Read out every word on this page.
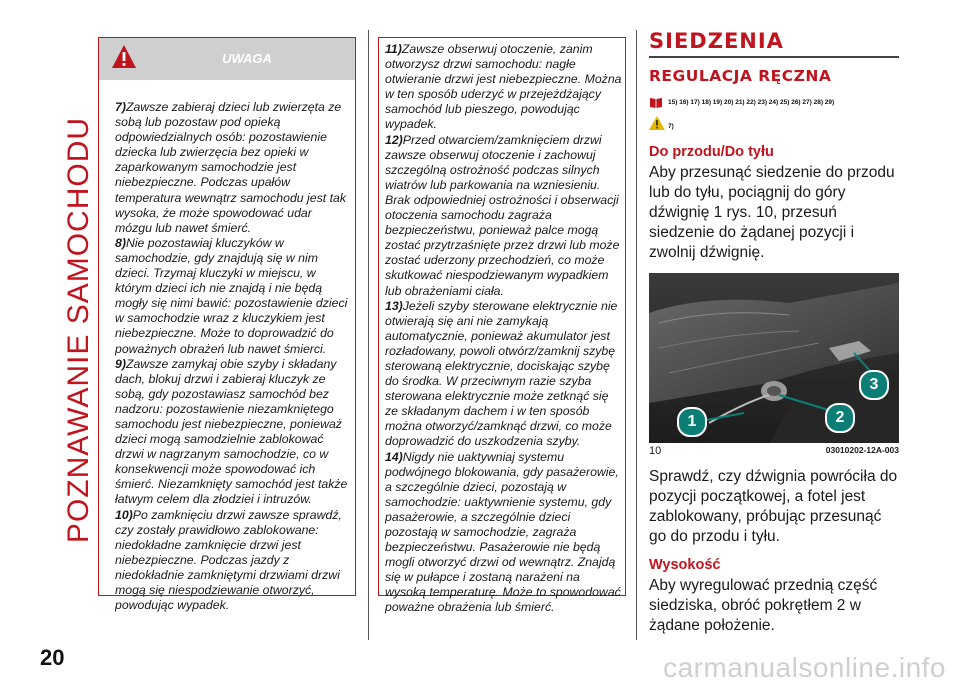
POZNAWANIE SAMOCHODU
UWAGA

7)Zawsze zabieraj dzieci lub zwierzęta ze sobą lub pozostaw pod opieką odpowiedzialnych osób: pozostawienie dziecka lub zwierzęcia bez opieki w zaparkowanym samochodzie jest niebezpieczne. Podczas upałów temperatura wewnątrz samochodu jest tak wysoka, że może spowodować udar mózgu lub nawet śmierć.

8)Nie pozostawiaj kluczyków w samochodzie, gdy znajdują się w nim dzieci. Trzymaj kluczyki w miejscu, w którym dzieci ich nie znajdą i nie będą mogły się nimi bawić: pozostawienie dzieci w samochodzie wraz z kluczykiem jest niebezpieczne. Może to doprowadzić do poważnych obrażeń lub nawet śmierci.

9)Zawsze zamykaj obie szyby i składany dach, blokuj drzwi i zabieraj kluczyk ze sobą, gdy pozostawiasz samochód bez nadzoru: pozostawienie niezamkniętego samochodu jest niebezpieczne, ponieważ dzieci mogą samodzielnie zablokować drzwi w nagrzanym samochodzie, co w konsekwencji może spowodować ich śmierć. Niezamknięty samochód jest także łatwym celem dla złodziei i intruzów.

10)Po zamknięciu drzwi zawsze sprawdź, czy zostały prawidłowo zablokowane: niedokładne zamknięcie drzwi jest niebezpieczne. Podczas jazdy z niedokładnie zamkniętymi drzwiami drzwi mogą się niespodziewanie otworzyć, powodując wypadek.

11)Zawsze obserwuj otoczenie, zanim otworzysz drzwi samochodu: nagłe otwieranie drzwi jest niebezpieczne. Można w ten sposób uderzyć w przejeżdżający samochód lub pieszego, powodując wypadek.

12)Przed otwarciem/zamknięciem drzwi zawsze obserwuj otoczenie i zachowuj szczególną ostrożność podczas silnych wiatrów lub parkowania na wzniesieniu. Brak odpowiedniej ostrożności i obserwacji otoczenia samochodu zagraża bezpieczeństwu, ponieważ palce mogą zostać przytrzaśnięte przez drzwi lub może zostać uderzony przechodzień, co może skutkować niespodziewanym wypadkiem lub obrażeniami ciała.

13)Jeżeli szyby sterowane elektrycznie nie otwierają się ani nie zamykają automatycznie, ponieważ akumulator jest rozładowany, powoli otwórz/zamknij szybę sterowaną elektrycznie, dociskając szybę do środka. W przeciwnym razie szyba sterowana elektrycznie może zetknąć się ze składanym dachem i w ten sposób można otworzyć/zamknąć drzwi, co może doprowadzić do uszkodzenia szyby.

14)Nigdy nie uaktywniaj systemu podwójnego blokowania, gdy pasażerowie, a szczególnie dzieci, pozostają w samochodzie: uaktywnienie systemu, gdy pasażerowie, a szczególnie dzieci pozostają w samochodzie, zagraża bezpieczeństwu. Pasażerowie nie będą mogli otworzyć drzwi od wewnątrz. Znajdą się w pułapce i zostaną narażeni na wysoką temperaturę. Może to spowodować poważne obrażenia lub śmierć.

SIEDZENIA
REGULACJA RĘCZNA
15) 16) 17) 18) 19) 20) 21) 22) 23) 24) 25) 26) 27) 28) 29)
7)
Do przodu/Do tyłu

Aby przesunąć siedzenie do przodu lub do tyłu, pociągnij do góry dźwignię 1 rys. 10, przesuń siedzenie do żądanej pozycji i zwolnij dźwignię.

1	2
3
10	03010202-12A-003

Sprawdź, czy dźwignia powróciła do pozycji początkowej, a fotel jest zablokowany, próbując przesunąć go do przodu i tyłu.

Wysokość

Aby wyregulować przednią część siedziska, obróć pokrętłem 2 w żądane położenie.

20	carmanualsonline.info
